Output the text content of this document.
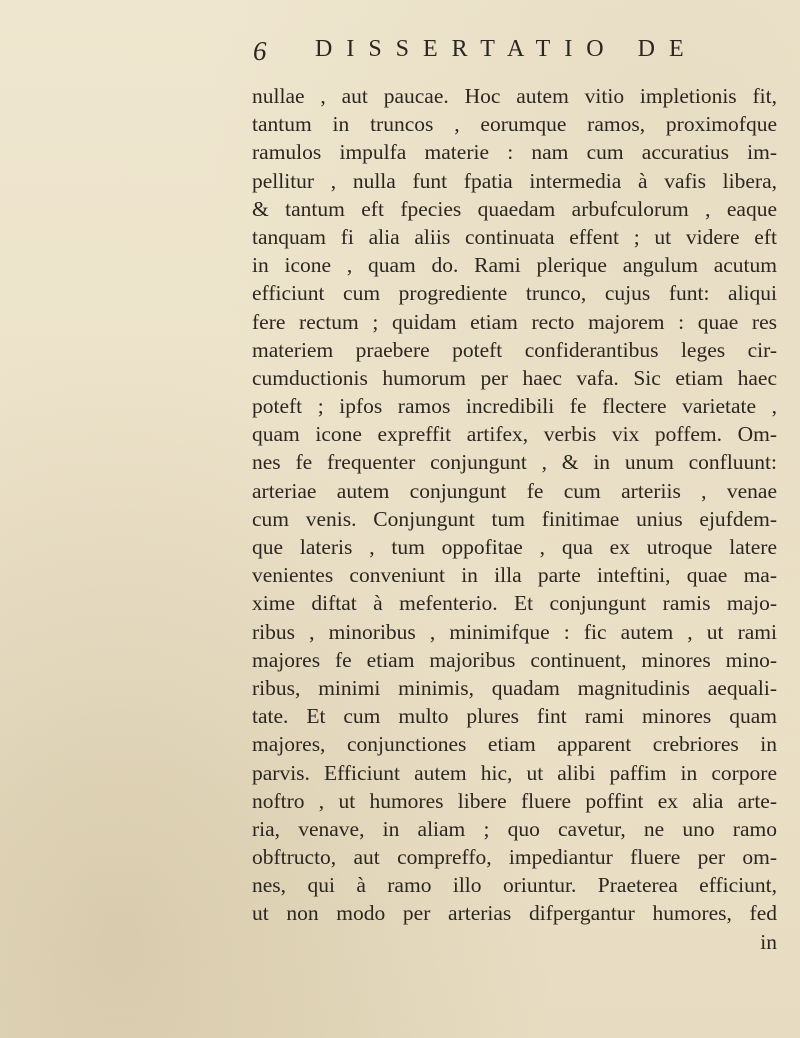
6 DISSERTATIO DE
nullae , aut paucae. Hoc autem vitio impletionis fit,
tantum in truncos , eorumque ramos, proximofque
ramulos impulfa materie : nam cum accuratius im-
pellitur , nulla funt fpatia intermedia à vafis libera,
& tantum eft fpecies quaedam arbufculorum , eaque
tanquam fi alia aliis continuata effent ; ut videre eft
in icone , quam do. Rami plerique angulum acutum
efficiunt cum progrediente trunco, cujus funt: aliqui
fere rectum ; quidam etiam recto majorem : quae res
materiem praebere poteft confiderantibus leges cir-
cumductionis humorum per haec vafa. Sic etiam haec
poteft ; ipfos ramos incredibili fe flectere varietate ,
quam icone expreffit artifex, verbis vix poffem. Om-
nes fe frequenter conjungunt , & in unum confluunt:
arteriae autem conjungunt fe cum arteriis , venae
cum venis. Conjungunt tum finitimae unius ejufdem-
que lateris , tum oppofitae , qua ex utroque latere
venientes conveniunt in illa parte inteftini, quae ma-
xime diftat à mefenterio. Et conjungunt ramis majo-
ribus , minoribus , minimifque : fic autem , ut rami
majores fe etiam majoribus continuent, minores mino-
ribus, minimi minimis, quadam magnitudinis aequali-
tate. Et cum multo plures fint rami minores quam
majores, conjunctiones etiam apparent crebriores in
parvis. Efficiunt autem hic, ut alibi paffim in corpore
noftro , ut humores libere fluere poffint ex alia arte-
ria, venave, in aliam ; quo cavetur, ne uno ramo
obftructo, aut compreffo, impediantur fluere per om-
nes, qui à ramo illo oriuntur. Praeterea efficiunt,
ut non modo per arterias difpergantur humores, fed
in
